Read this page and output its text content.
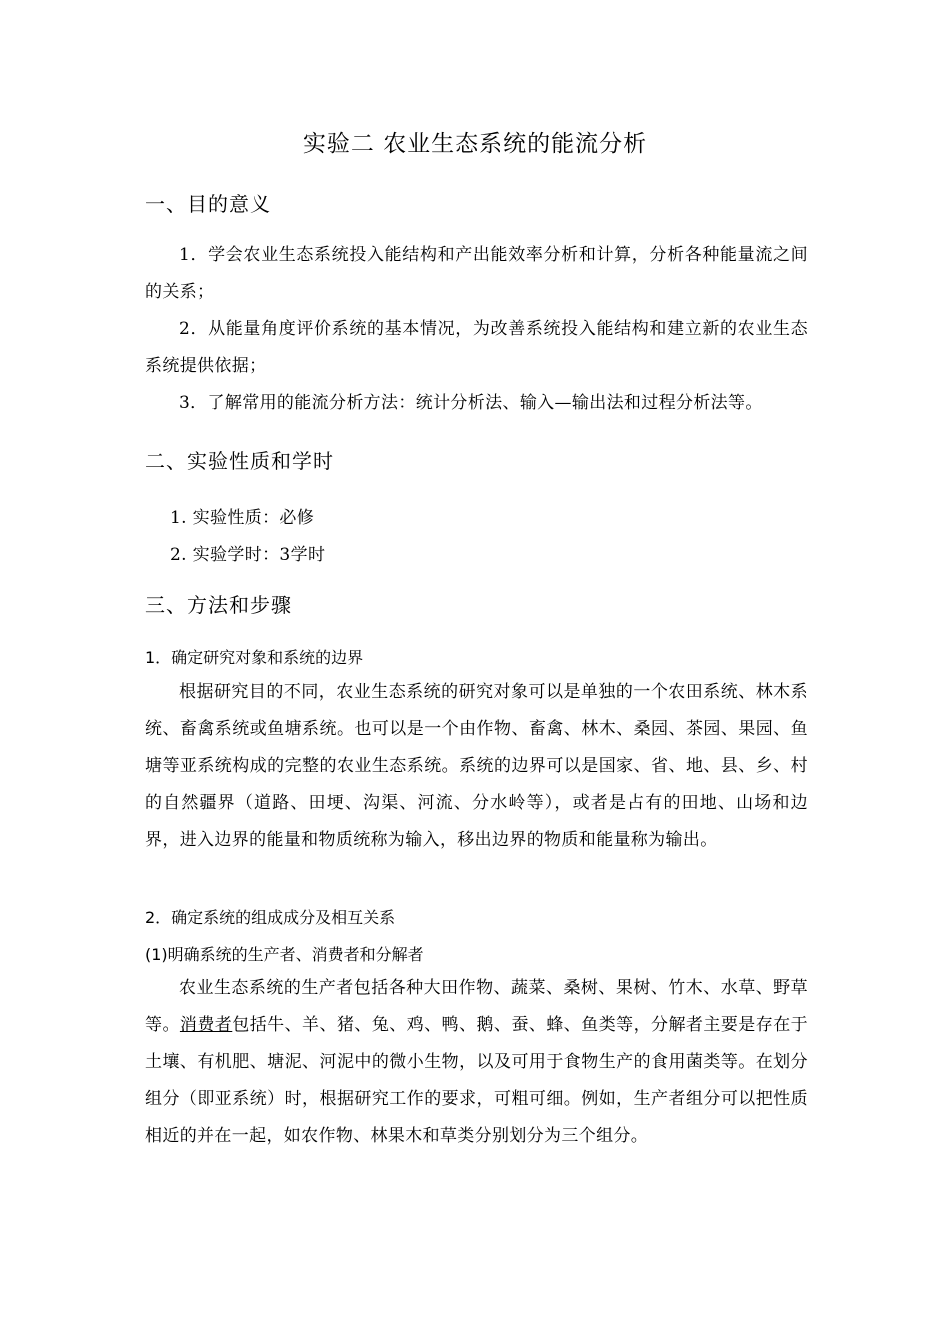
实验二 农业生态系统的能流分析
一、目的意义

1．学会农业生态系统投入能结构和产出能效率分析和计算，分析各种能量流之间的关系；

2．从能量角度评价系统的基本情况，为改善系统投入能结构和建立新的农业生态系统提供依据；

3．了解常用的能流分析方法：统计分析法、输入—输出法和过程分析法等。

二、实验性质和学时
1. 实验性质：必修
2. 实验学时：3学时
三、方法和步骤
1．确定研究对象和系统的边界

根据研究目的不同，农业生态系统的研究对象可以是单独的一个农田系统、林木系统、畜禽系统或鱼塘系统。也可以是一个由作物、畜禽、林木、桑园、茶园、果园、鱼塘等亚系统构成的完整的农业生态系统。系统的边界可以是国家、省、地、县、乡、村的自然疆界（道路、田埂、沟渠、河流、分水岭等），或者是占有的田地、山场和边界，进入边界的能量和物质统称为输入，移出边界的物质和能量称为输出。

2．确定系统的组成成分及相互关系
(1)明确系统的生产者、消费者和分解者

农业生态系统的生产者包括各种大田作物、蔬菜、桑树、果树、竹木、水草、野草等。消费者包括牛、羊、猪、兔、鸡、鸭、鹅、蚕、蜂、鱼类等，分解者主要是存在于土壤、有机肥、塘泥、河泥中的微小生物，以及可用于食物生产的食用菌类等。在划分组分（即亚系统）时，根据研究工作的要求，可粗可细。例如，生产者组分可以把性质相近的并在一起，如农作物、林果木和草类分别划分为三个组分。
